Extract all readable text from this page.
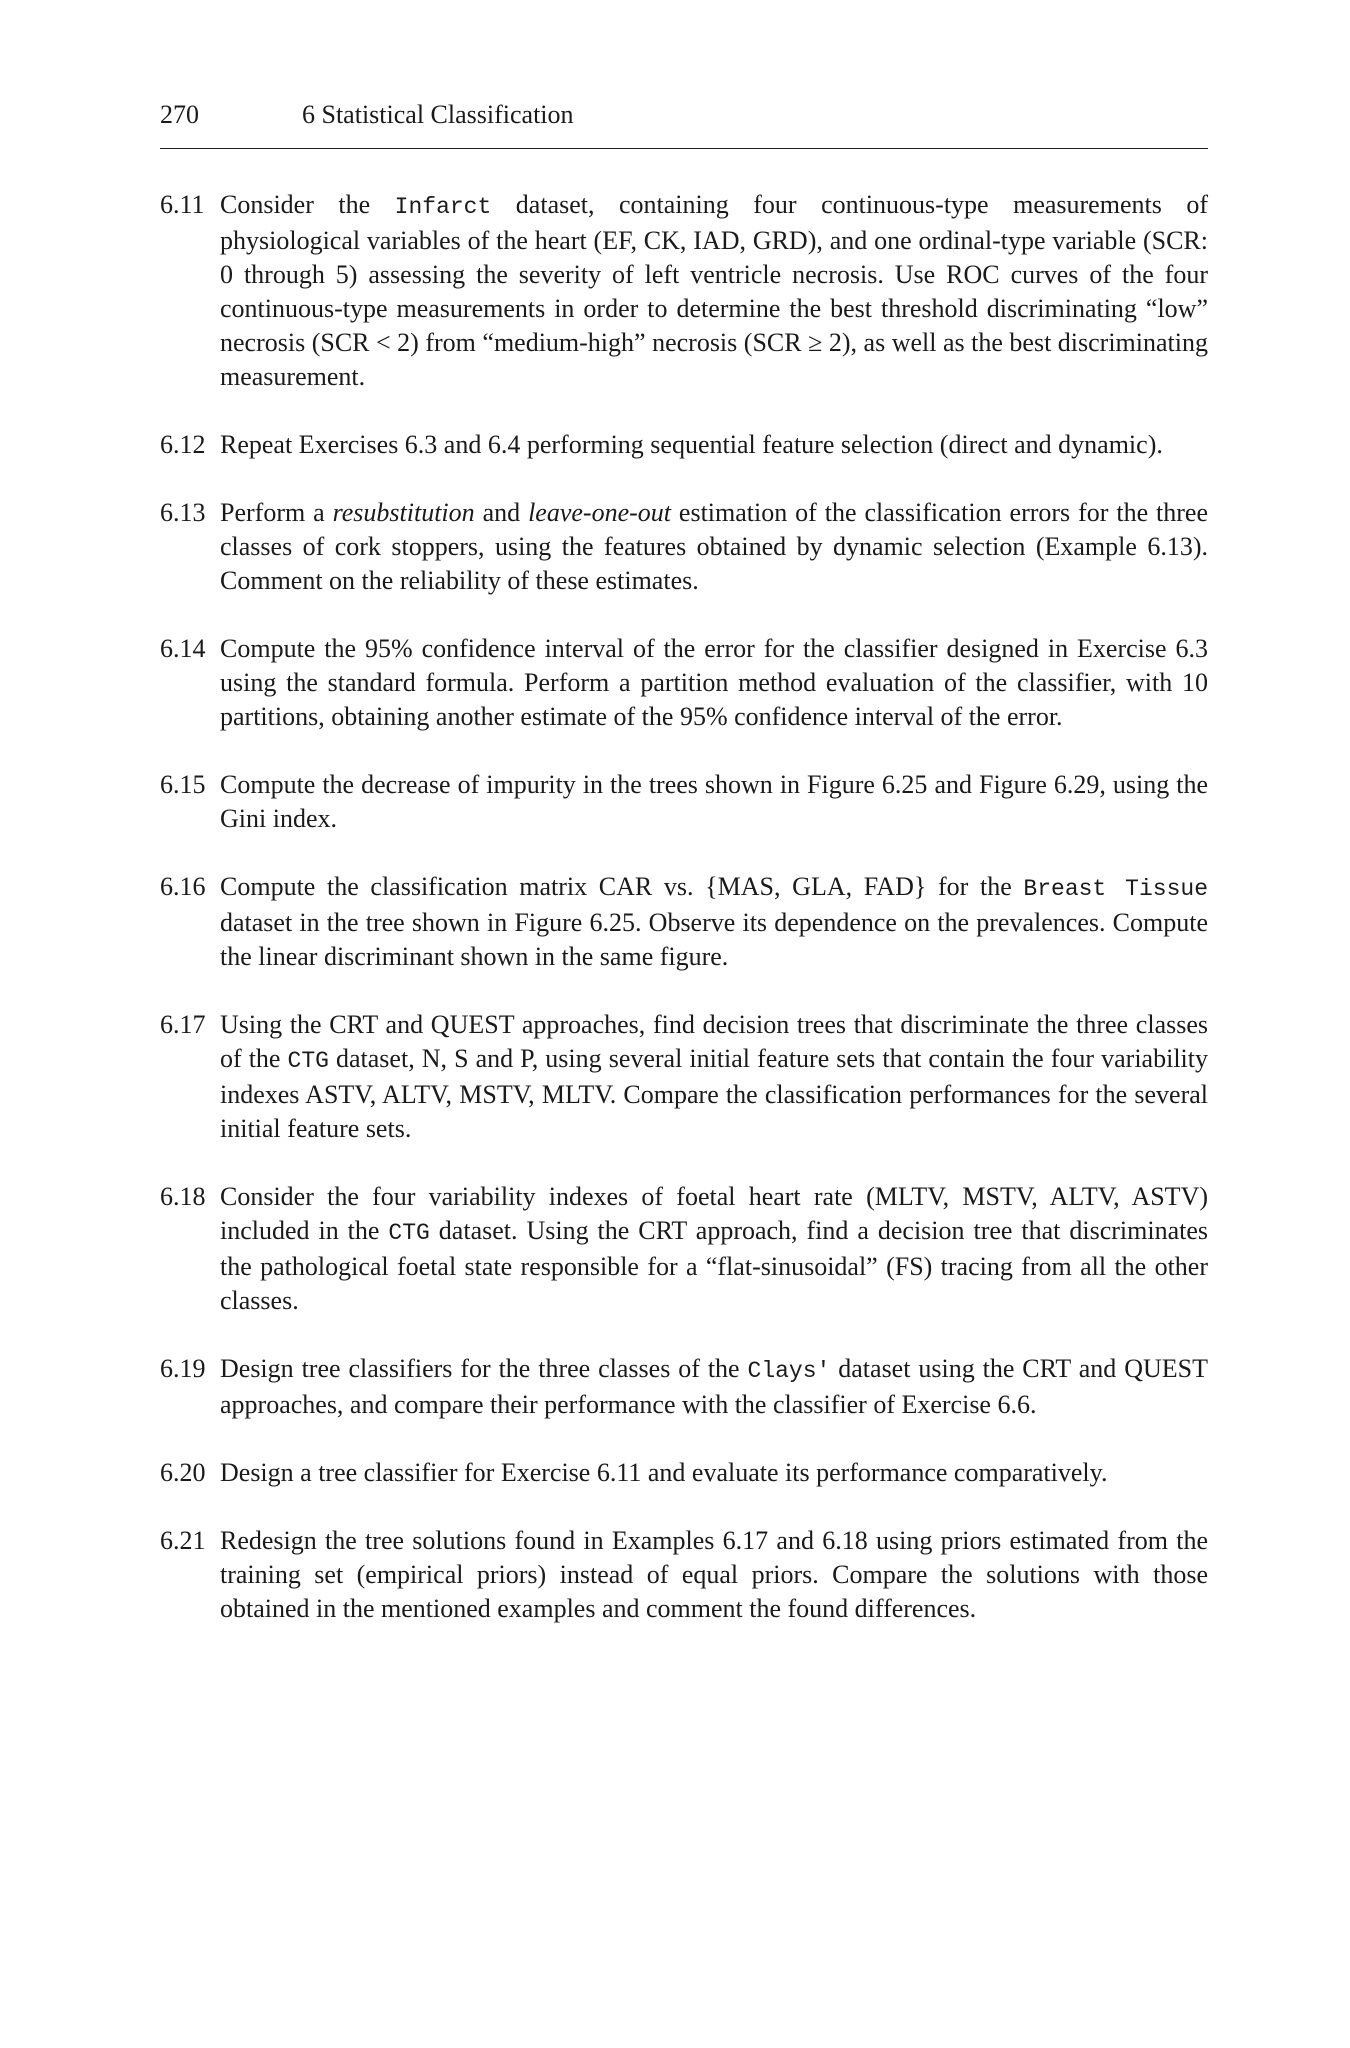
270	6 Statistical Classification
6.11 Consider the Infarct dataset, containing four continuous-type measurements of physiological variables of the heart (EF, CK, IAD, GRD), and one ordinal-type variable (SCR: 0 through 5) assessing the severity of left ventricle necrosis. Use ROC curves of the four continuous-type measurements in order to determine the best threshold discriminating “low” necrosis (SCR < 2) from “medium-high” necrosis (SCR ≥ 2), as well as the best discriminating measurement.
6.12 Repeat Exercises 6.3 and 6.4 performing sequential feature selection (direct and dynamic).
6.13 Perform a resubstitution and leave-one-out estimation of the classification errors for the three classes of cork stoppers, using the features obtained by dynamic selection (Example 6.13). Comment on the reliability of these estimates.
6.14 Compute the 95% confidence interval of the error for the classifier designed in Exercise 6.3 using the standard formula. Perform a partition method evaluation of the classifier, with 10 partitions, obtaining another estimate of the 95% confidence interval of the error.
6.15 Compute the decrease of impurity in the trees shown in Figure 6.25 and Figure 6.29, using the Gini index.
6.16 Compute the classification matrix CAR vs. {MAS, GLA, FAD} for the Breast Tissue dataset in the tree shown in Figure 6.25. Observe its dependence on the prevalences. Compute the linear discriminant shown in the same figure.
6.17 Using the CRT and QUEST approaches, find decision trees that discriminate the three classes of the CTG dataset, N, S and P, using several initial feature sets that contain the four variability indexes ASTV, ALTV, MSTV, MLTV. Compare the classification performances for the several initial feature sets.
6.18 Consider the four variability indexes of foetal heart rate (MLTV, MSTV, ALTV, ASTV) included in the CTG dataset. Using the CRT approach, find a decision tree that discriminates the pathological foetal state responsible for a “flat-sinusoidal” (FS) tracing from all the other classes.
6.19 Design tree classifiers for the three classes of the Clays' dataset using the CRT and QUEST approaches, and compare their performance with the classifier of Exercise 6.6.
6.20 Design a tree classifier for Exercise 6.11 and evaluate its performance comparatively.
6.21 Redesign the tree solutions found in Examples 6.17 and 6.18 using priors estimated from the training set (empirical priors) instead of equal priors. Compare the solutions with those obtained in the mentioned examples and comment the found differences.
